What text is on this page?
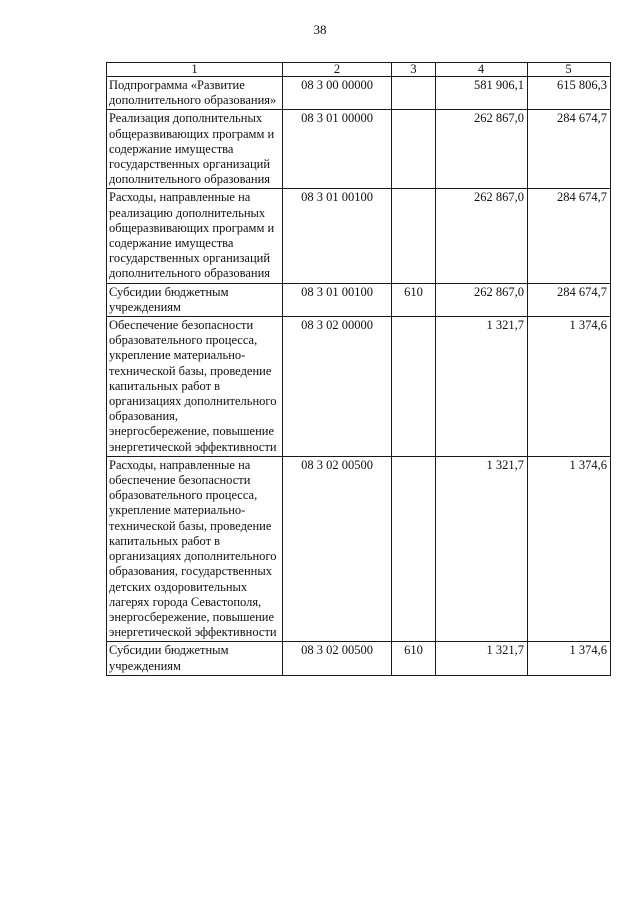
38
1	2	3	4	5
Подпрограмма «Развитие дополнительного образования»	08 3 00 00000		581 906,1	615 806,3
Реализация дополнительных общеразвивающих программ и содержание имущества государственных организаций дополнительного образования	08 3 01 00000		262 867,0	284 674,7
Расходы, направленные на реализацию дополнительных общеразвивающих программ и содержание имущества государственных организаций дополнительного образования	08 3 01 00100		262 867,0	284 674,7
Субсидии бюджетным учреждениям	08 3 01 00100	610	262 867,0	284 674,7
Обеспечение безопасности образовательного процесса, укрепление материально-технической базы, проведение капитальных работ в организациях дополнительного образования, энергосбережение, повышение энергетической эффективности	08 3 02 00000		1 321,7	1 374,6
Расходы, направленные на обеспечение безопасности образовательного процесса, укрепление материально-технической базы, проведение капитальных работ в организациях дополнительного образования, государственных детских оздоровительных лагерях города Севастополя, энергосбережение, повышение энергетической эффективности	08 3 02 00500		1 321,7	1 374,6
Субсидии бюджетным учреждениям	08 3 02 00500	610	1 321,7	1 374,6
